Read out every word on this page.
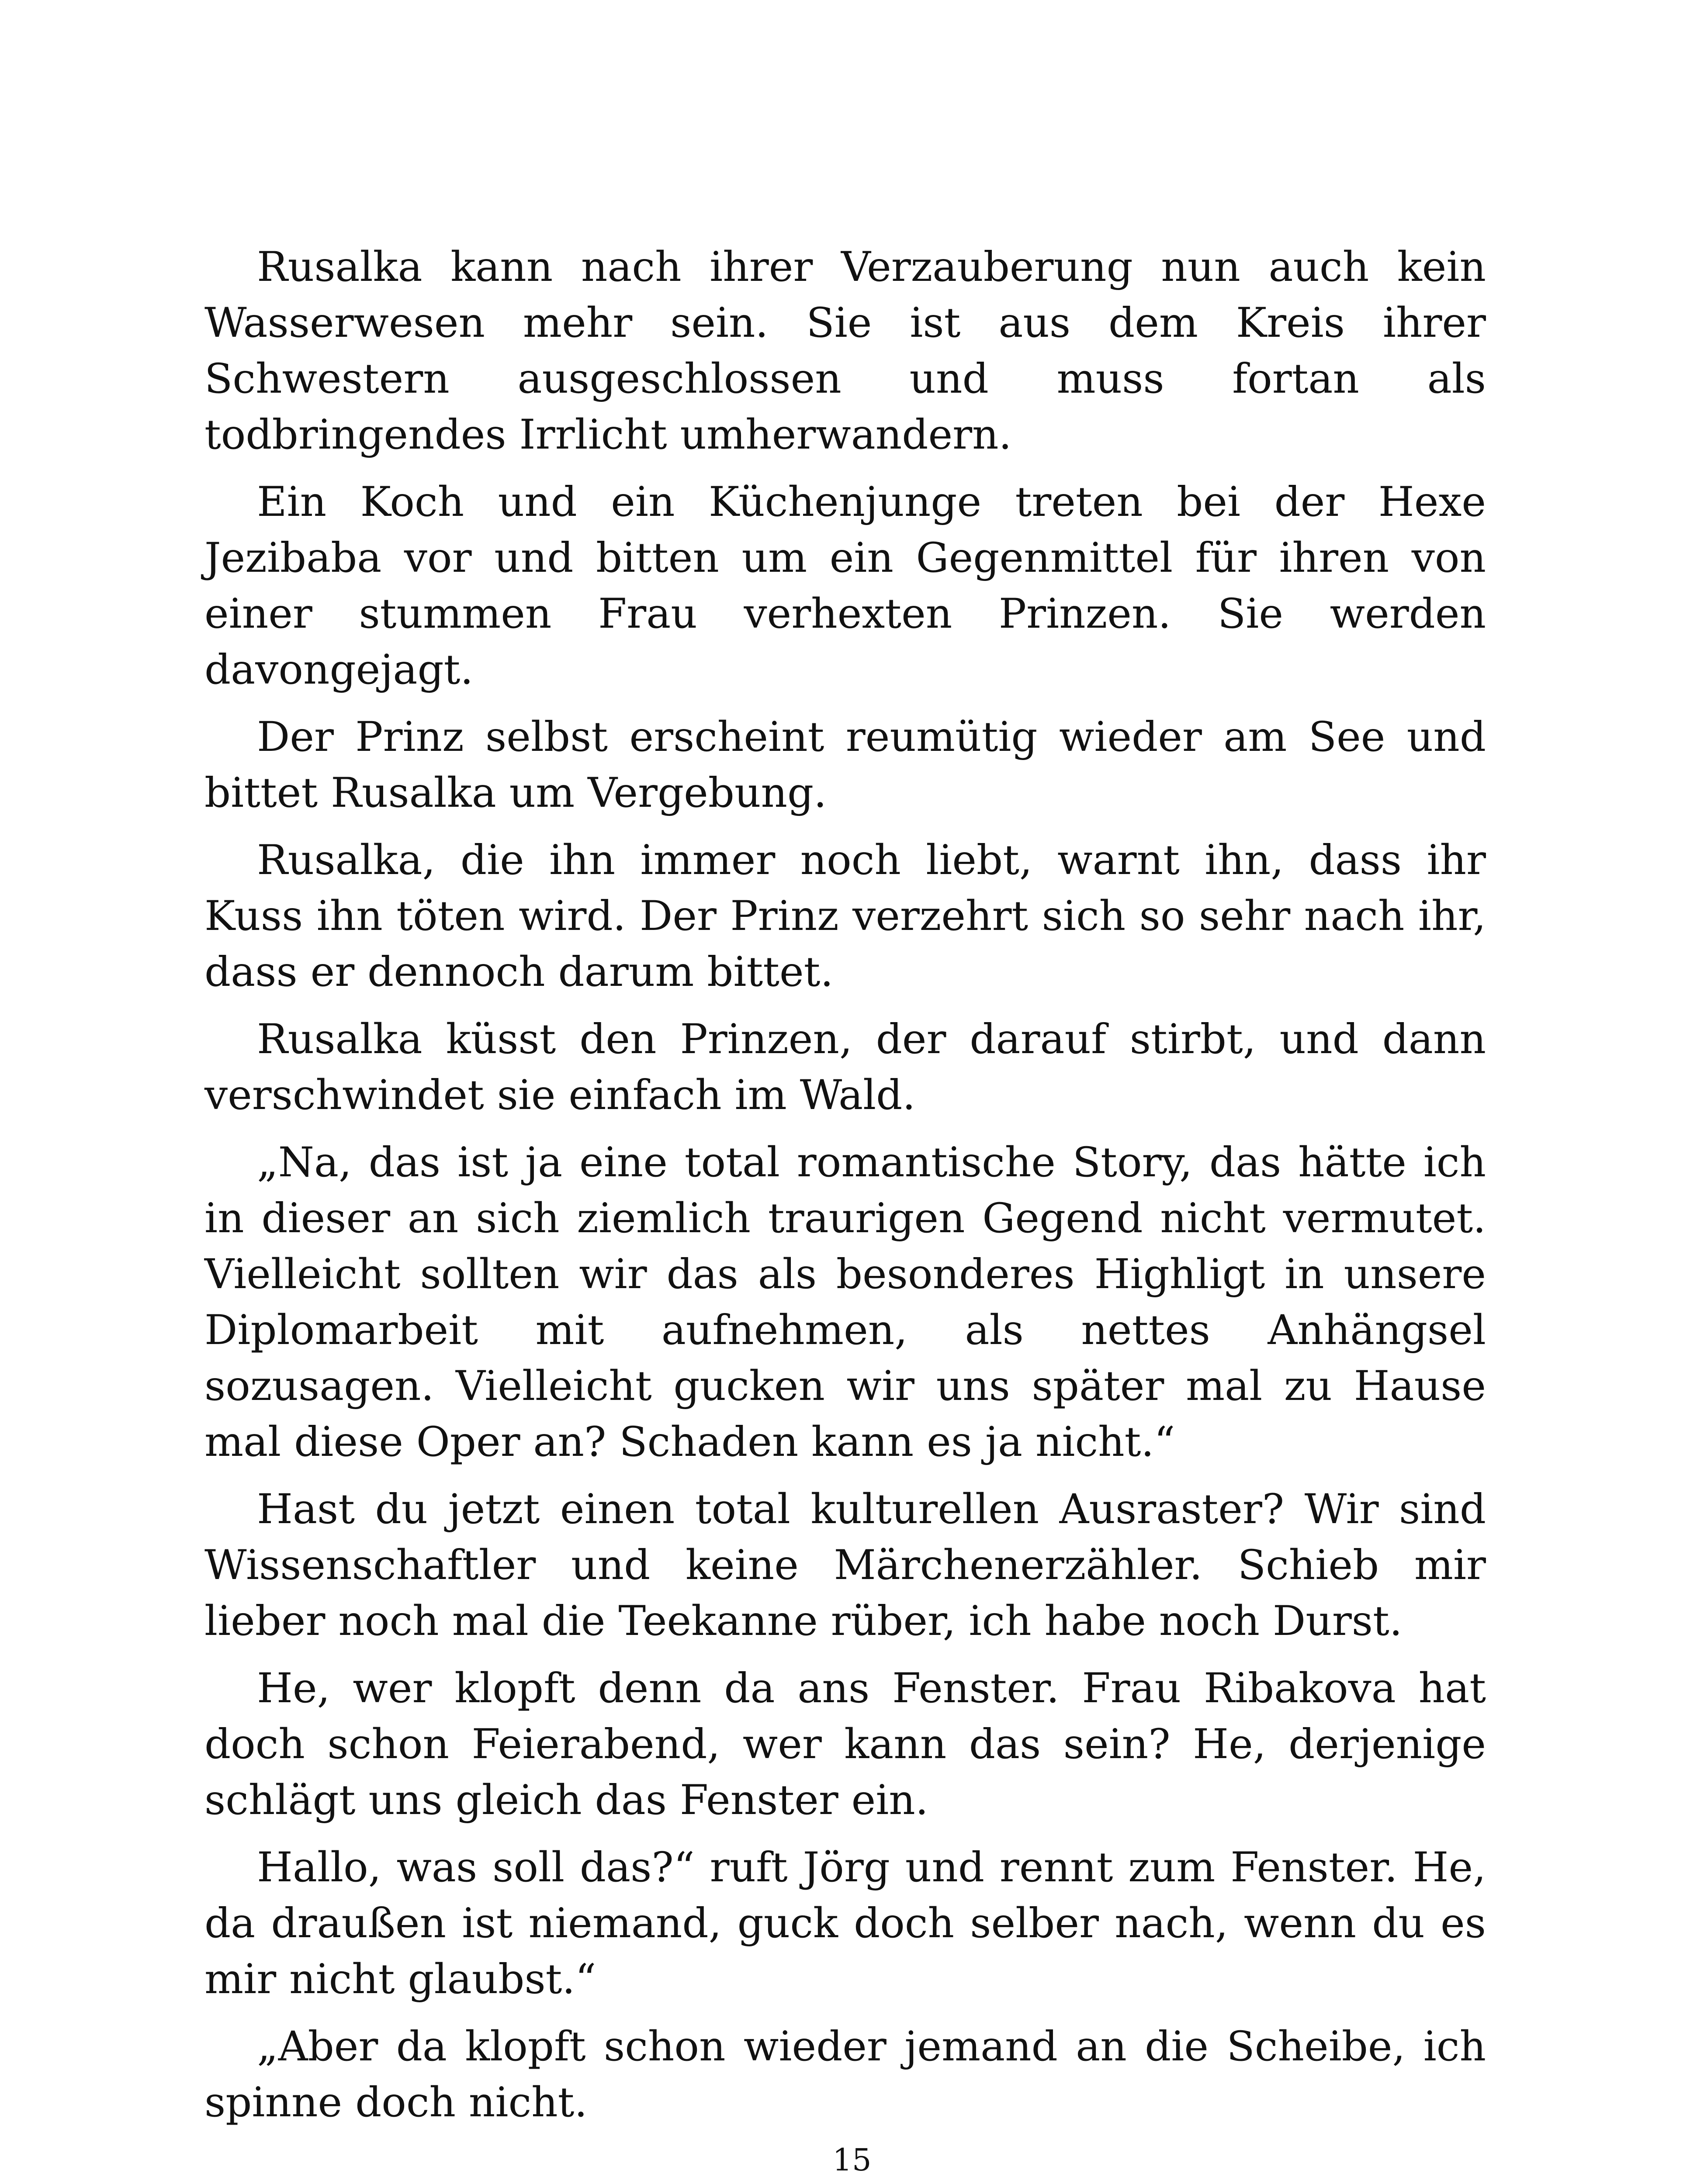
Rusalka kann nach ihrer Verzauberung nun auch kein Wasserwesen mehr sein. Sie ist aus dem Kreis ihrer Schwestern ausgeschlossen und muss fortan als todbringendes Irrlicht umherwandern.

Ein Koch und ein Küchenjunge treten bei der Hexe Jezibaba vor und bitten um ein Gegenmittel für ihren von einer stummen Frau verhexten Prinzen. Sie werden davongejagt.

Der Prinz selbst erscheint reumütig wieder am See und bittet Rusalka um Vergebung.

Rusalka, die ihn immer noch liebt, warnt ihn, dass ihr Kuss ihn töten wird. Der Prinz verzehrt sich so sehr nach ihr, dass er dennoch darum bittet.

Rusalka küsst den Prinzen, der darauf stirbt, und dann verschwindet sie einfach im Wald.

„Na, das ist ja eine total romantische Story, das hätte ich in dieser an sich ziemlich traurigen Gegend nicht vermutet. Vielleicht sollten wir das als besonderes Highligt in unsere Diplomarbeit mit aufnehmen, als nettes Anhängsel sozusagen. Vielleicht gucken wir uns später mal zu Hause mal diese Oper an? Schaden kann es ja nicht.“

Hast du jetzt einen total kulturellen Ausraster? Wir sind Wissenschaftler und keine Märchenerzähler. Schieb mir lieber noch mal die Teekanne rüber, ich habe noch Durst.

He, wer klopft denn da ans Fenster. Frau Ribakova hat doch schon Feierabend, wer kann das sein? He, derjenige schlägt uns gleich das Fenster ein.

Hallo, was soll das?“ ruft Jörg und rennt zum Fenster. He, da draußen ist niemand, guck doch selber nach, wenn du es mir nicht glaubst.“

„Aber da klopft schon wieder jemand an die Scheibe, ich spinne doch nicht.

15
